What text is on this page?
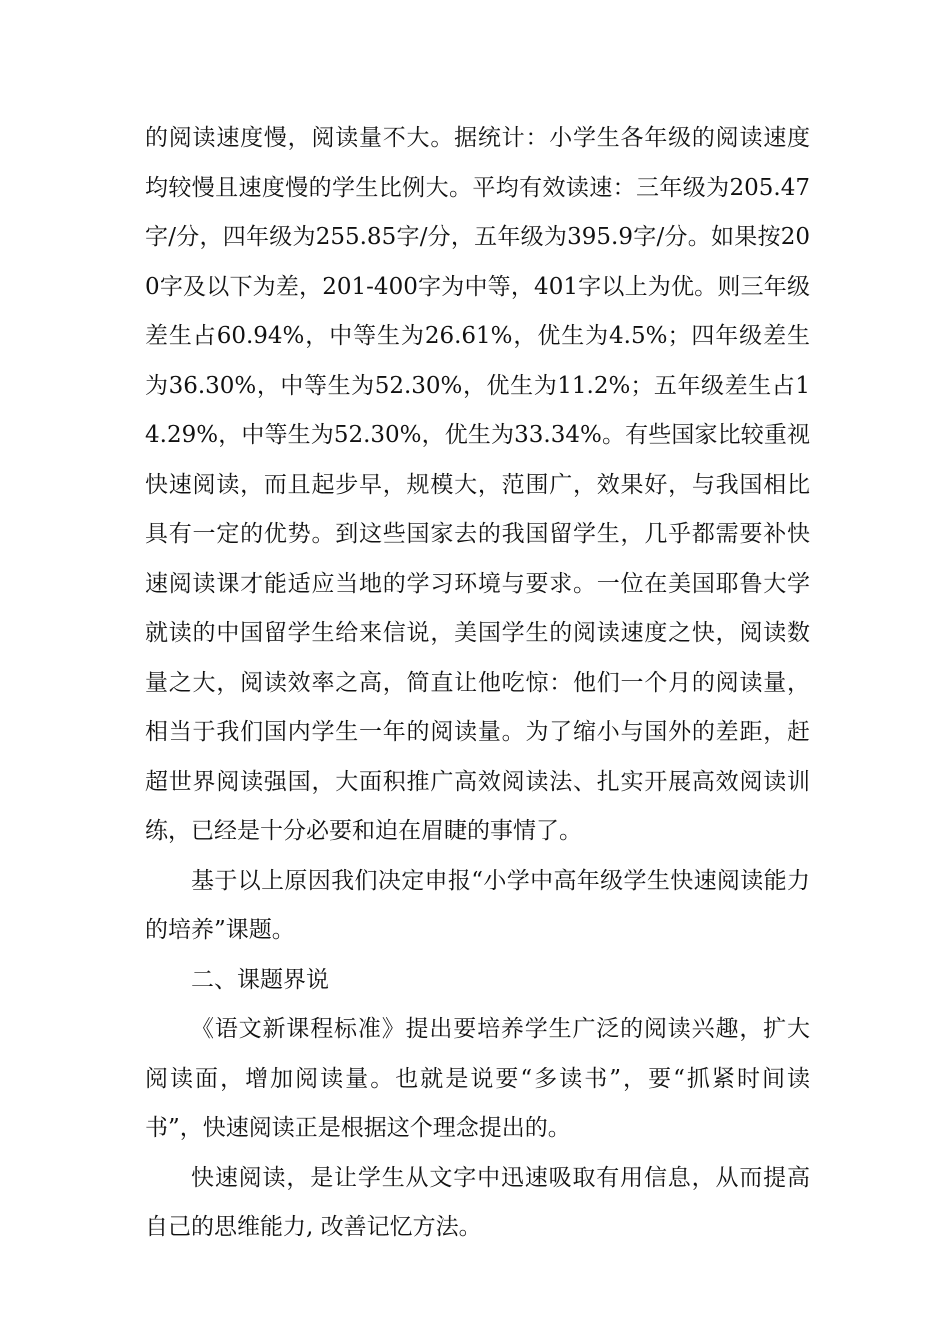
的阅读速度慢，阅读量不大。据统计：小学生各年级的阅读速度均较慢且速度慢的学生比例大。平均有效读速：三年级为205.47字/分，四年级为255.85字/分，五年级为395.9字/分。如果按200字及以下为差，201-400字为中等，401字以上为优。则三年级差生占60.94%，中等生为26.61%，优生为4.5%；四年级差生为36.30%，中等生为52.30%，优生为11.2%；五年级差生占14.29%，中等生为52.30%，优生为33.34%。有些国家比较重视快速阅读，而且起步早，规模大，范围广，效果好，与我国相比具有一定的优势。到这些国家去的我国留学生，几乎都需要补快速阅读课才能适应当地的学习环境与要求。一位在美国耶鲁大学就读的中国留学生给来信说，美国学生的阅读速度之快，阅读数量之大，阅读效率之高，简直让他吃惊：他们一个月的阅读量，相当于我们国内学生一年的阅读量。为了缩小与国外的差距，赶超世界阅读强国，大面积推广高效阅读法、扎实开展高效阅读训练，已经是十分必要和迫在眉睫的事情了。

基于以上原因我们决定申报“小学中高年级学生快速阅读能力的培养”课题。

二、课题界说

《语文新课程标准》提出要培养学生广泛的阅读兴趣，扩大阅读面，增加阅读量。也就是说要“多读书”，要“抓紧时间读书”，快速阅读正是根据这个理念提出的。

快速阅读，是让学生从文字中迅速吸取有用信息，从而提高自己的思维能力, 改善记忆方法。
